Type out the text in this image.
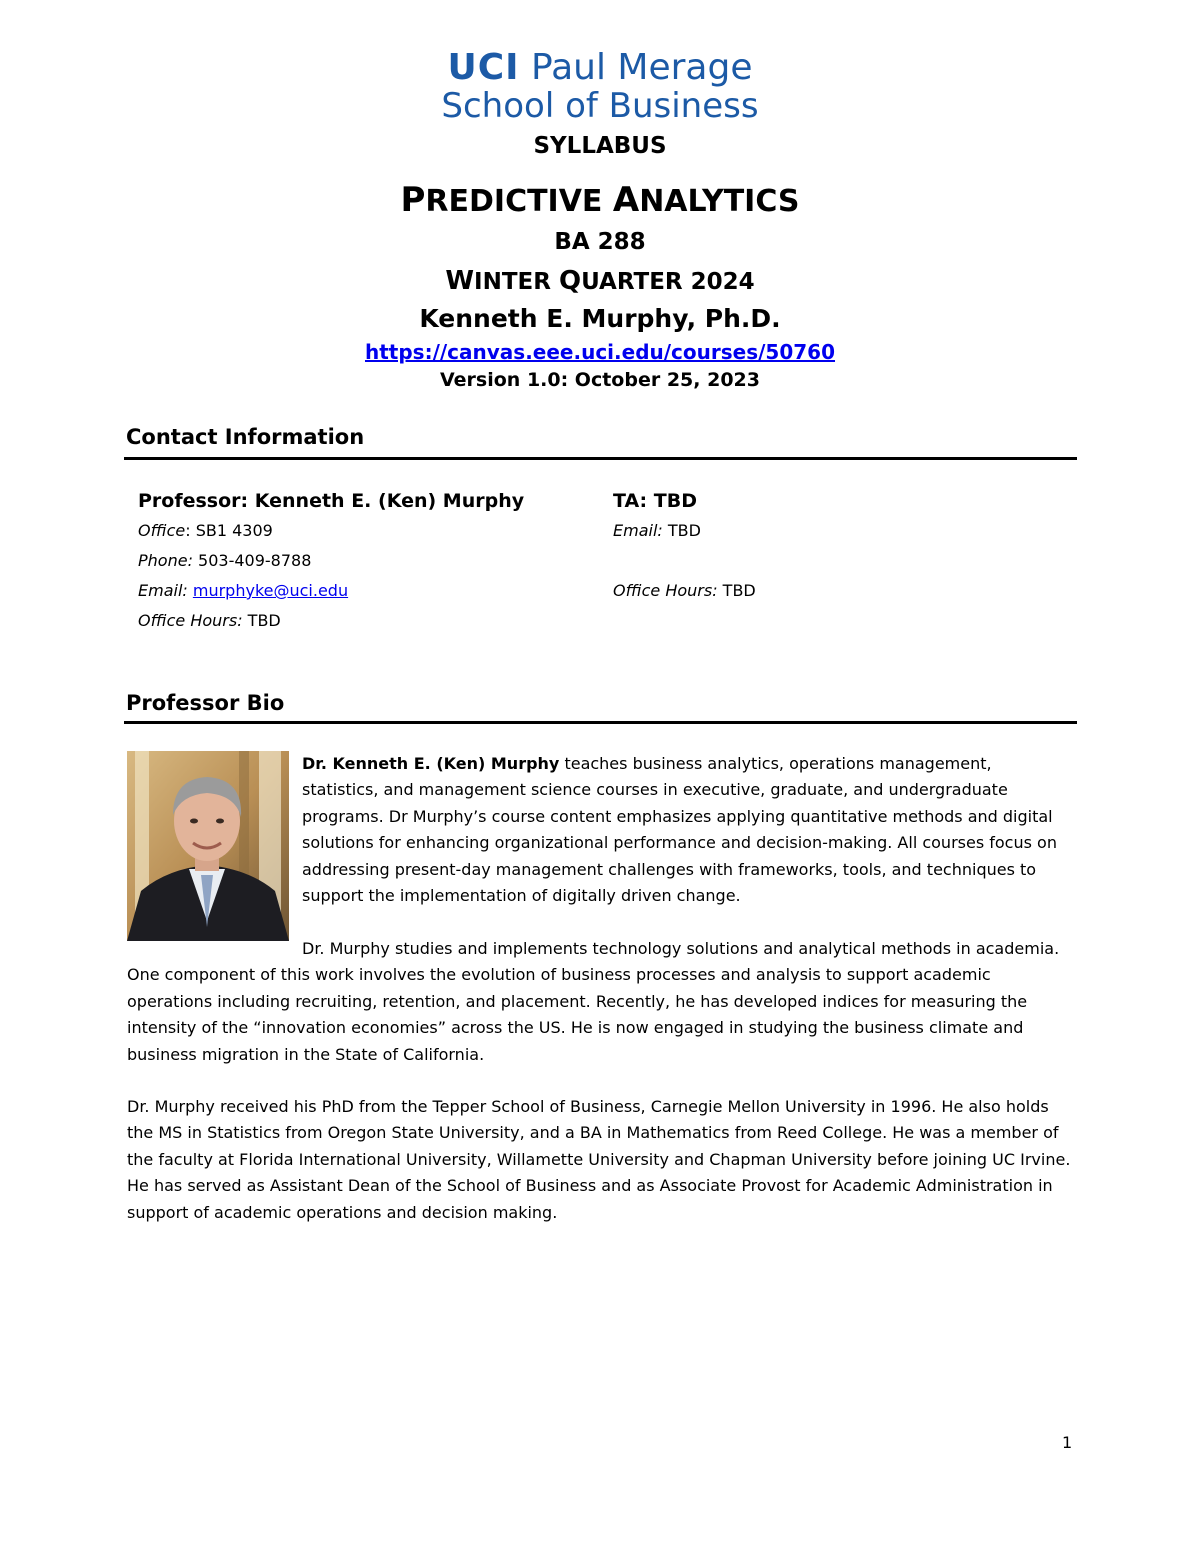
UCI Paul Merage
School of Business
SYLLABUS
PREDICTIVE ANALYTICS
BA 288
WINTER QUARTER 2024
Kenneth E. Murphy, Ph.D.
https://canvas.eee.uci.edu/courses/50760
Version 1.0: October 25, 2023
Contact Information
Professor: Kenneth E. (Ken) Murphy
Office: SB1 4309
Phone: 503-409-8788
Email: murphyke@uci.edu
Office Hours: TBD
TA: TBD
Email: TBD
Office Hours: TBD
Professor Bio

Dr. Kenneth E. (Ken) Murphy teaches business analytics, operations management, statistics, and management science courses in executive, graduate, and undergraduate programs. Dr Murphy’s course content emphasizes applying quantitative methods and digital solutions for enhancing organizational performance and decision-making. All courses focus on addressing present-day management challenges with frameworks, tools, and techniques to support the implementation of digitally driven change.

Dr. Murphy studies and implements technology solutions and analytical methods in academia. One component of this work involves the evolution of business processes and analysis to support academic operations including recruiting, retention, and placement. Recently, he has developed indices for measuring the intensity of the “innovation economies” across the US. He is now engaged in studying the business climate and business migration in the State of California.

Dr. Murphy received his PhD from the Tepper School of Business, Carnegie Mellon University in 1996. He also holds the MS in Statistics from Oregon State University, and a BA in Mathematics from Reed College. He was a member of the faculty at Florida International University, Willamette University and Chapman University before joining UC Irvine. He has served as Assistant Dean of the School of Business and as Associate Provost for Academic Administration in support of academic operations and decision making.

1
